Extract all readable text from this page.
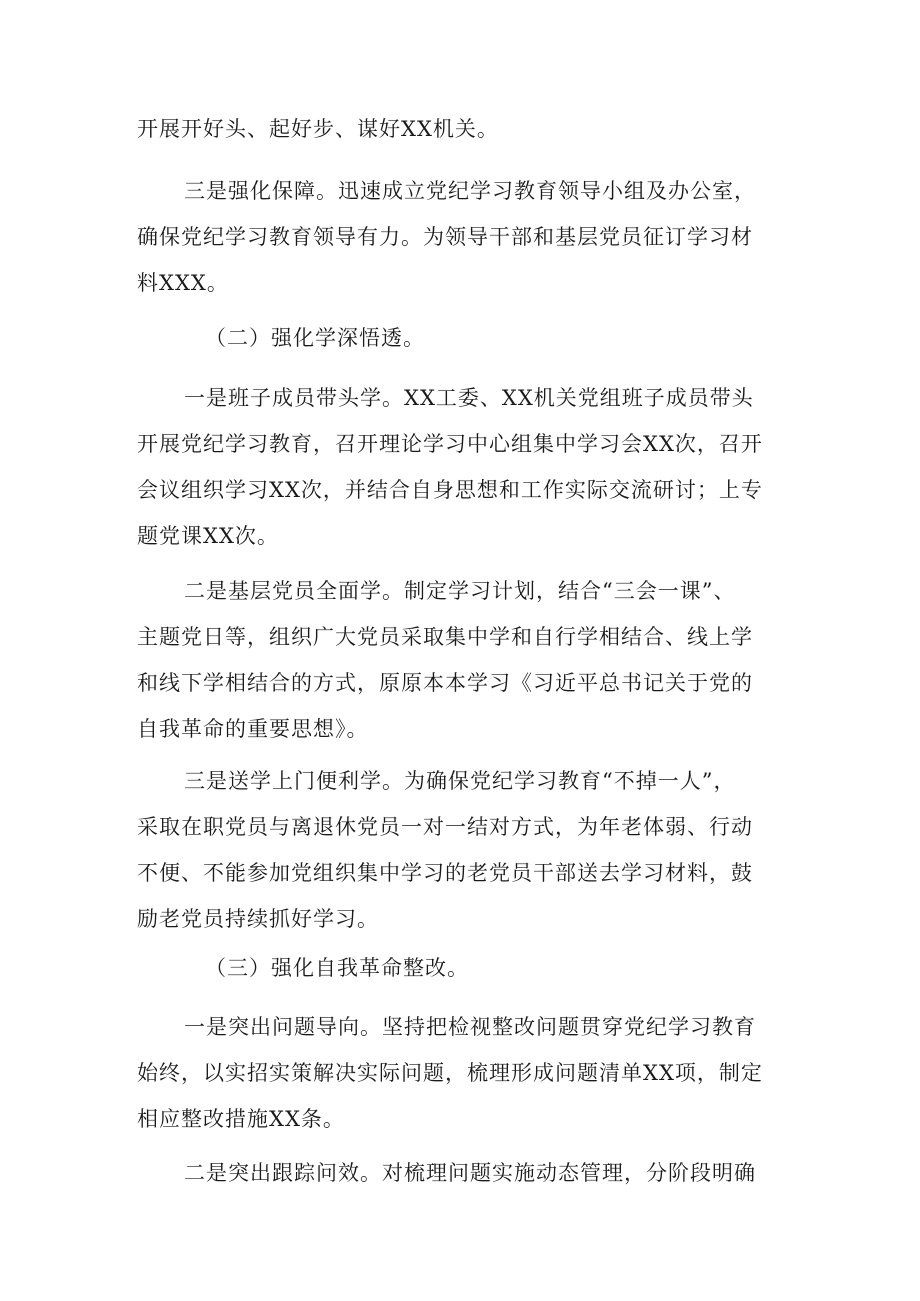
开展开好头、起好步、谋好XX机关。

三是强化保障。迅速成立党纪学习教育领导小组及办公室，
确保党纪学习教育领导有力。为领导干部和基层党员征订学习材
料XXX。

（二）强化学深悟透。

一是班子成员带头学。XX工委、XX机关党组班子成员带头
开展党纪学习教育，召开理论学习中心组集中学习会XX次，召开
会议组织学习XX次，并结合自身思想和工作实际交流研讨；上专
题党课XX次。

二是基层党员全面学。制定学习计划，结合“三会一课”、
主题党日等，组织广大党员采取集中学和自行学相结合、线上学
和线下学相结合的方式，原原本本学习《习近平总书记关于党的
自我革命的重要思想》。

三是送学上门便利学。为确保党纪学习教育“不掉一人”，
采取在职党员与离退休党员一对一结对方式，为年老体弱、行动
不便、不能参加党组织集中学习的老党员干部送去学习材料，鼓
励老党员持续抓好学习。

（三）强化自我革命整改。

一是突出问题导向。坚持把检视整改问题贯穿党纪学习教育
始终，以实招实策解决实际问题，梳理形成问题清单XX项，制定
相应整改措施XX条。

二是突出跟踪问效。对梳理问题实施动态管理，分阶段明确
